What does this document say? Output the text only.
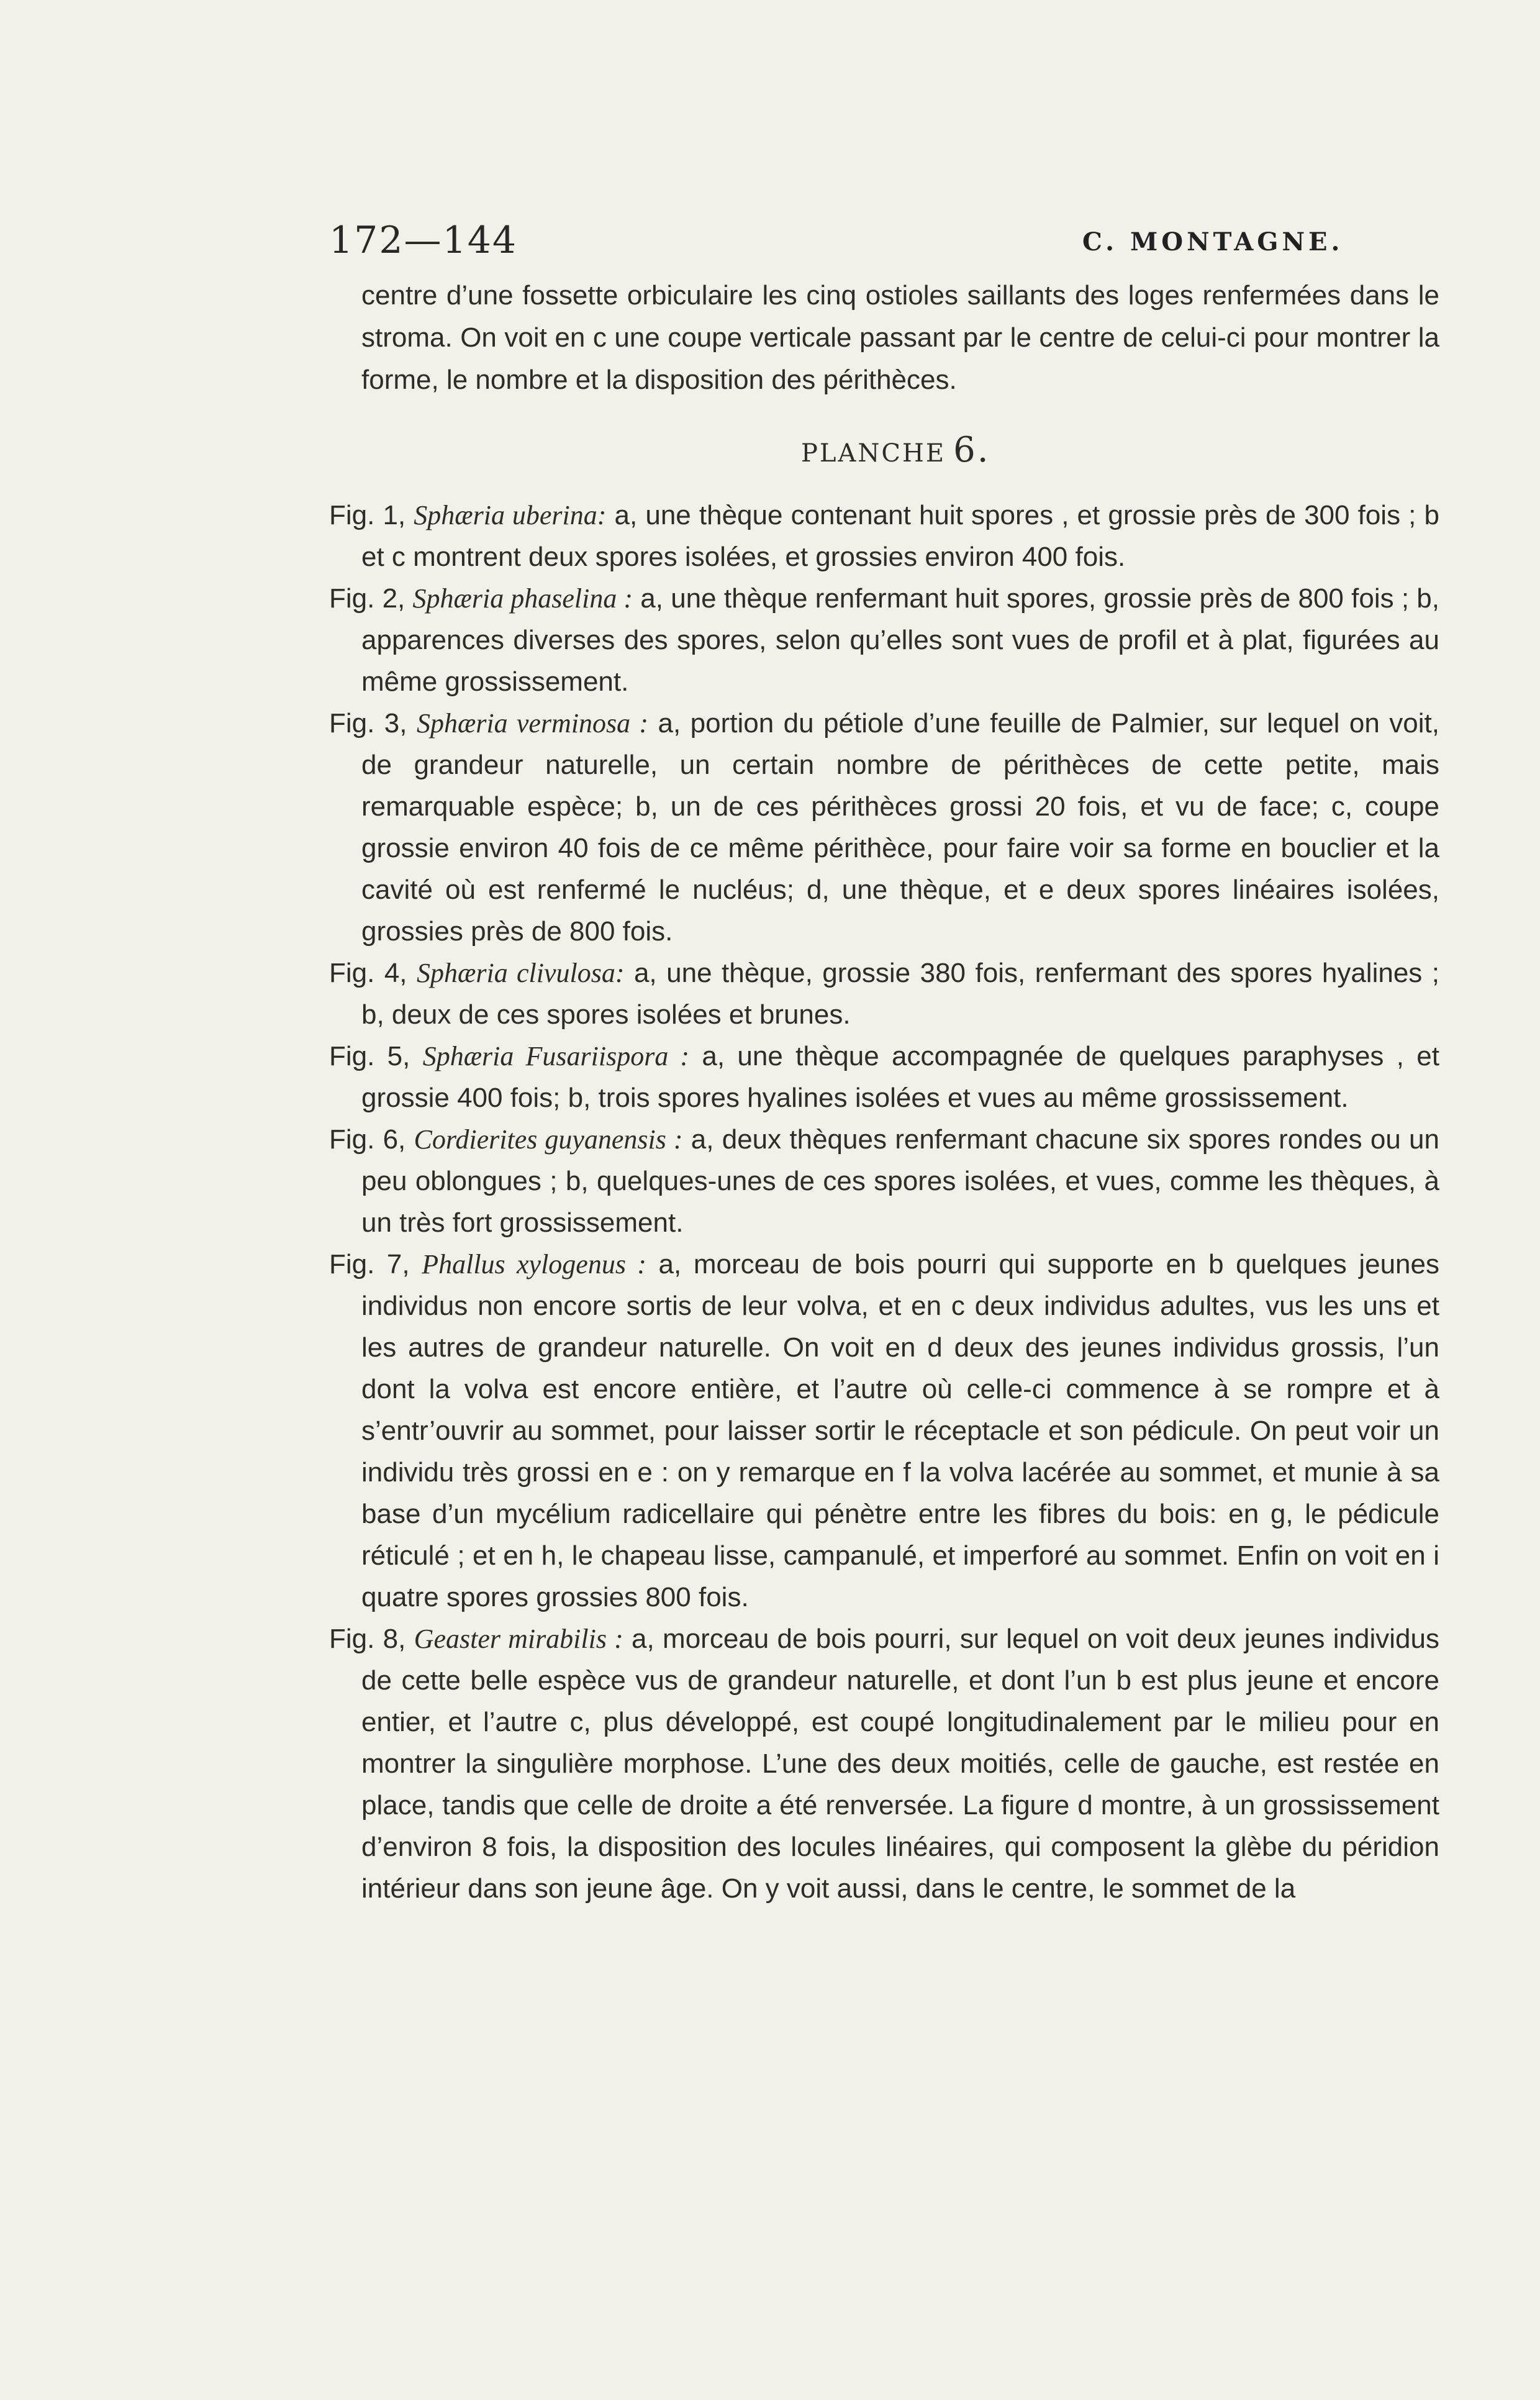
172—144	C. MONTAGNE.

centre d’une fossette orbiculaire les cinq ostioles saillants des loges renfermées dans le stroma. On voit en c une coupe verticale passant par le centre de celui-ci pour montrer la forme, le nombre et la disposition des périthèces.

PLANCHE 6.

Fig. 1, Sphæria uberina: a, une thèque contenant huit spores , et grossie près de 300 fois ; b et c montrent deux spores isolées, et grossies environ 400 fois.

Fig. 2, Sphæria phaselina : a, une thèque renfermant huit spores, grossie près de 800 fois ; b, apparences diverses des spores, selon qu’elles sont vues de profil et à plat, figurées au même grossissement.

Fig. 3, Sphæria verminosa : a, portion du pétiole d’une feuille de Palmier, sur lequel on voit, de grandeur naturelle, un certain nombre de périthèces de cette petite, mais remarquable espèce; b, un de ces périthèces grossi 20 fois, et vu de face; c, coupe grossie environ 40 fois de ce même périthèce, pour faire voir sa forme en bouclier et la cavité où est renfermé le nucléus; d, une thèque, et e deux spores linéaires isolées, grossies près de 800 fois.

Fig. 4, Sphæria clivulosa: a, une thèque, grossie 380 fois, renfermant des spores hyalines ; b, deux de ces spores isolées et brunes.

Fig. 5, Sphæria Fusariispora : a, une thèque accompagnée de quelques paraphyses , et grossie 400 fois; b, trois spores hyalines isolées et vues au même grossissement.

Fig. 6, Cordierites guyanensis : a, deux thèques renfermant chacune six spores rondes ou un peu oblongues ; b, quelques-unes de ces spores isolées, et vues, comme les thèques, à un très fort grossissement.

Fig. 7, Phallus xylogenus : a, morceau de bois pourri qui supporte en b quelques jeunes individus non encore sortis de leur volva, et en c deux individus adultes, vus les uns et les autres de grandeur naturelle. On voit en d deux des jeunes individus grossis, l’un dont la volva est encore entière, et l’autre où celle-ci commence à se rompre et à s’entr’ouvrir au sommet, pour laisser sortir le réceptacle et son pédicule. On peut voir un individu très grossi en e : on y remarque en f la volva lacérée au sommet, et munie à sa base d’un mycélium radicellaire qui pénètre entre les fibres du bois: en g, le pédicule réticulé ; et en h, le chapeau lisse, campanulé, et imperforé au sommet. Enfin on voit en i quatre spores grossies 800 fois.

Fig. 8, Geaster mirabilis : a, morceau de bois pourri, sur lequel on voit deux jeunes individus de cette belle espèce vus de grandeur naturelle, et dont l’un b est plus jeune et encore entier, et l’autre c, plus développé, est coupé longitudinalement par le milieu pour en montrer la singulière morphose. L’une des deux moitiés, celle de gauche, est restée en place, tandis que celle de droite a été renversée. La figure d montre, à un grossissement d’environ 8 fois, la disposition des locules linéaires, qui composent la glèbe du péridion intérieur dans son jeune âge. On y voit aussi, dans le centre, le sommet de la
